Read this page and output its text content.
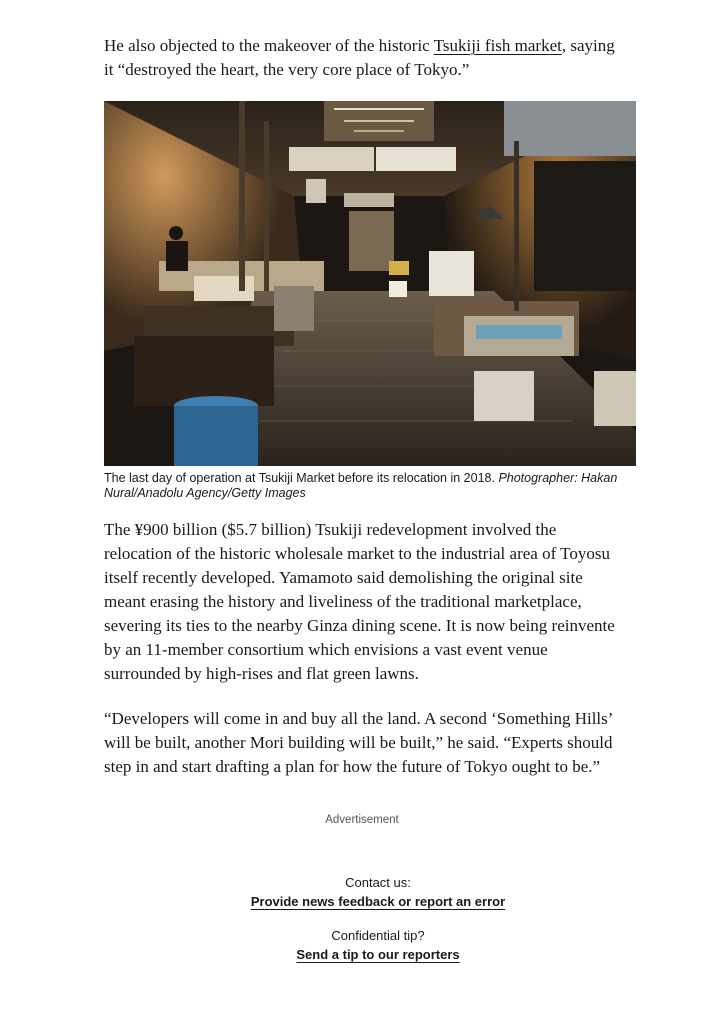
He also objected to the makeover of the historic Tsukiji fish market, saying
it “destroyed the heart, the very core place of Tokyo.”
The last day of operation at Tsukiji Market before its relocation in 2018. Photographer: Hakan
Nural/Anadolu Agency/Getty Images
The ¥900 billion ($5.7 billion) Tsukiji redevelopment involved the
relocation of the historic wholesale market to the industrial area of Toyosu
itself recently developed. Yamamoto said demolishing the original site
meant erasing the history and liveliness of the traditional marketplace,
severing its ties to the nearby Ginza dining scene. It is now being reinvente
by an 11-member consortium which envisions a vast event venue
surrounded by high-rises and flat green lawns.
“Developers will come in and buy all the land. A second ‘Something Hills’
will be built, another Mori building will be built,” he said. “Experts should
step in and start drafting a plan for how the future of Tokyo ought to be.”
Advertisement
Contact us:
Provide news feedback or report an error
Confidential tip?
Send a tip to our reporters
